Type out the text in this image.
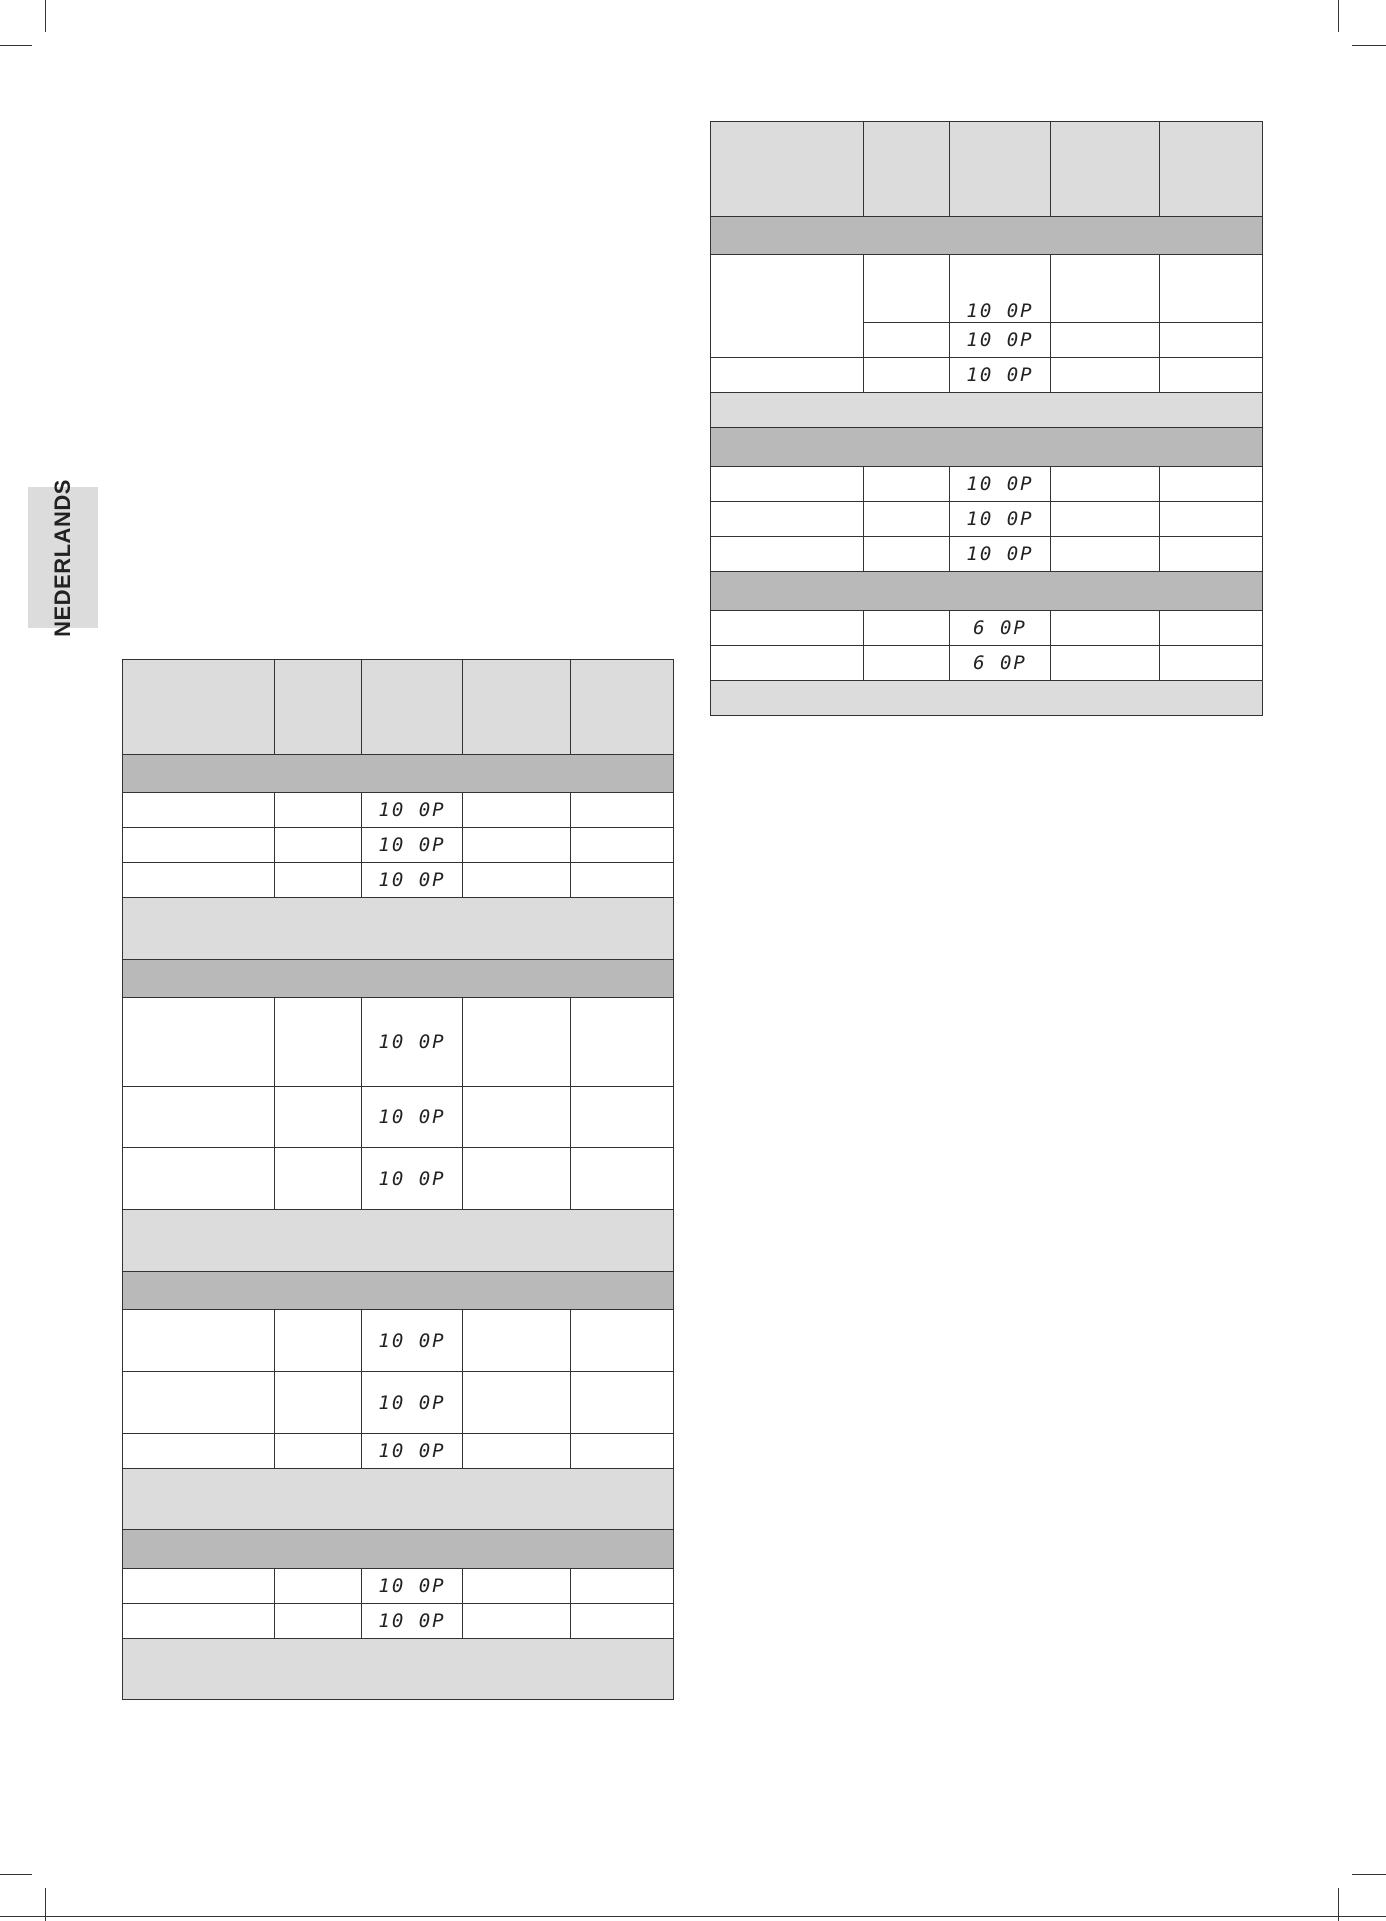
NEDERLANDS

		10 0P		
		10 0P		
		10 0P		

		10 0P		
		10 0P		
		10 0P		

		10 0P		
		10 0P		
		10 0P		

		10 0P		
		10 0P		

		10 0P		
		10 0P		
		10 0P		

		10 0P		
		10 0P		
		10 0P		

		6 0P		
		6 0P		
